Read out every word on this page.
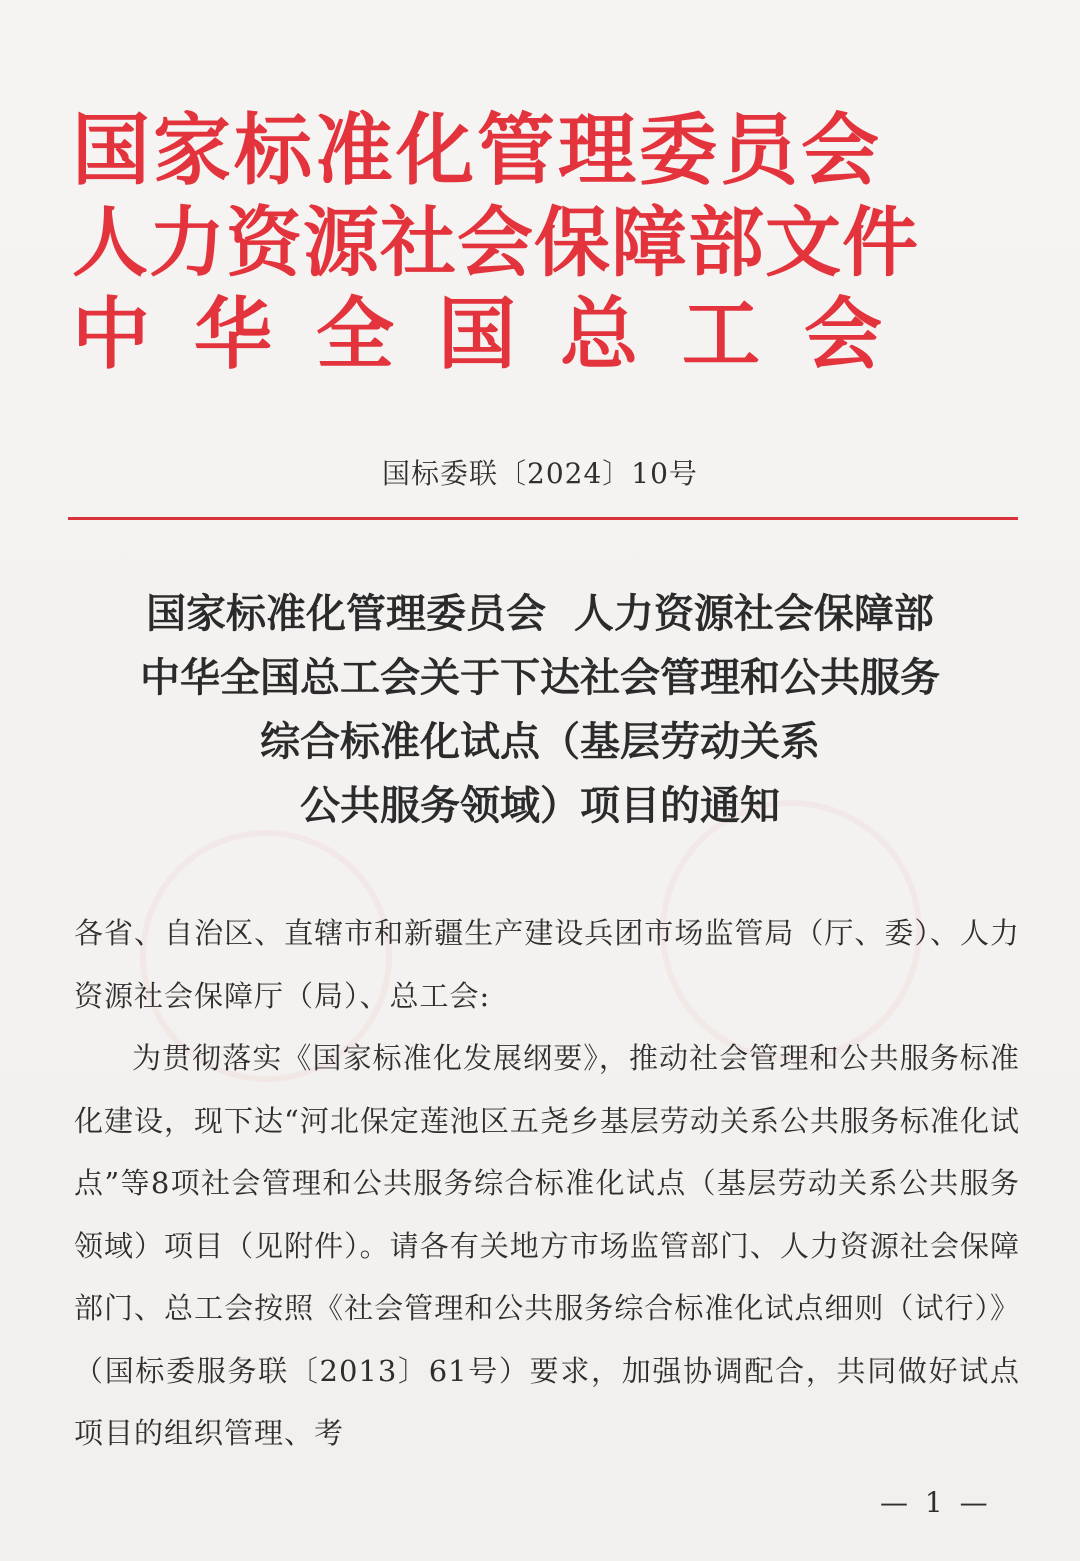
国家标准化管理委员会
人力资源社会保障部文件
中华全国总工会
国标委联〔2024〕10号
国家标准化管理委员会  人力资源社会保障部
中华全国总工会关于下达社会管理和公共服务
综合标准化试点（基层劳动关系
公共服务领域）项目的通知

各省、自治区、直辖市和新疆生产建设兵团市场监管局（厅、委）、人力资源社会保障厅（局）、总工会:

为贯彻落实《国家标准化发展纲要》，推动社会管理和公共服务标准化建设，现下达“河北保定莲池区五尧乡基层劳动关系公共服务标准化试点”等8项社会管理和公共服务综合标准化试点（基层劳动关系公共服务领域）项目（见附件）。请各有关地方市场监管部门、人力资源社会保障部门、总工会按照《社会管理和公共服务综合标准化试点细则（试行）》（国标委服务联〔2013〕61号）要求，加强协调配合，共同做好试点项目的组织管理、考

— 1 —
